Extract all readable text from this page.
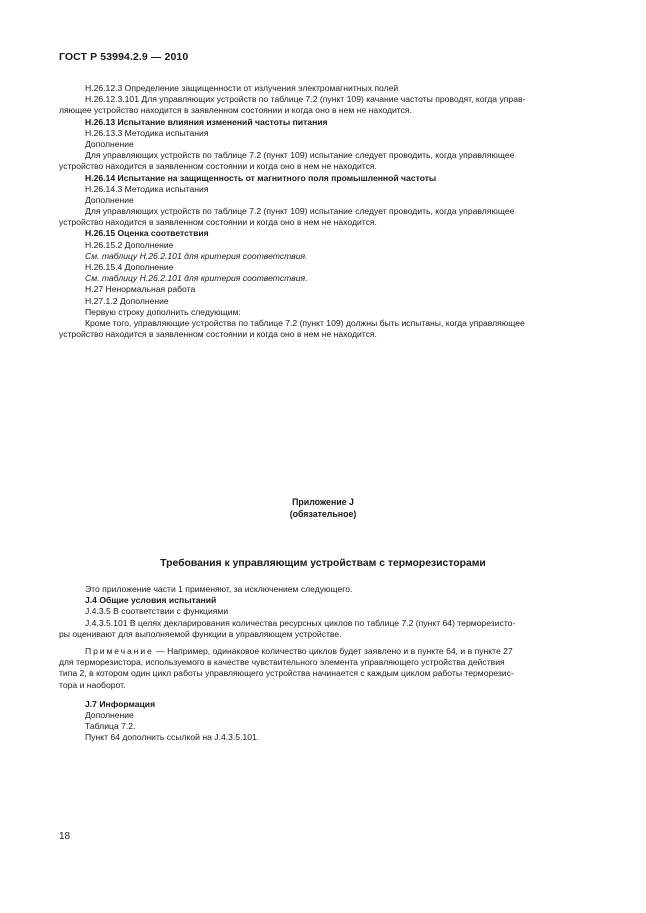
ГОСТ Р 53994.2.9 — 2010
Н.26.12.3 Определение защищенности от излучения электромагнитных полей
Н.26.12.3.101 Для управляющих устройств по таблице 7.2 (пункт 109) качание частоты проводят, когда управ-
ляющее устройство находится в заявленном состоянии и когда оно в нем не находится.
Н.26.13 Испытание влияния изменений частоты питания
Н.26.13.3 Методика испытания
Дополнение
Для управляющих устройств по таблице 7.2 (пункт 109) испытание следует проводить, когда управляющее
устройство находится в заявленном состоянии и когда оно в нем не находится.
Н.26.14 Испытание на защищенность от магнитного поля промышленной частоты
Н.26.14.3 Методика испытания
Дополнение
Для управляющих устройств по таблице 7.2 (пункт 109) испытание следует проводить, когда управляющее
устройство находится в заявленном состоянии и когда оно в нем не находится.
Н.26.15 Оценка соответствия
Н.26.15.2 Дополнение
См. таблицу Н.26.2.101 для критерия соответствия.
Н.26.15.4 Дополнение
См. таблицу Н.26.2.101 для критерия соответствия.
Н.27 Ненормальная работа
Н.27.1.2 Дополнение
Первую строку дополнить следующим:
Кроме того, управляющие устройства по таблице 7.2 (пункт 109) должны быть испытаны, когда управляющее
устройство находится в заявленном состоянии и когда оно в нем не находится.
Приложение J
(обязательное)
Требования к управляющим устройствам с терморезисторами
Это приложение части 1 применяют, за исключением следующего.
J.4 Общие условия испытаний
J.4.3.5 В соответствии с функциями
J.4.3.5.101 В целях декларирования количества ресурсных циклов по таблице 7.2 (пункт 64) терморезисто-
ры оценивают для выполняемой функции в управляющем устройстве.
Примечание — Например, одинаковое количество циклов будет заявлено и в пункте 64, и в пункте 27
для терморезистора, используемого в качестве чувствительного элемента управляющего устройства действия
типа 2, в котором один цикл работы управляющего устройства начинается с каждым циклом работы терморезис-
тора и наоборот.
J.7 Информация
Дополнение
Таблица 7.2.
Пункт 64 дополнить ссылкой на J.4.3.5.101.
18
